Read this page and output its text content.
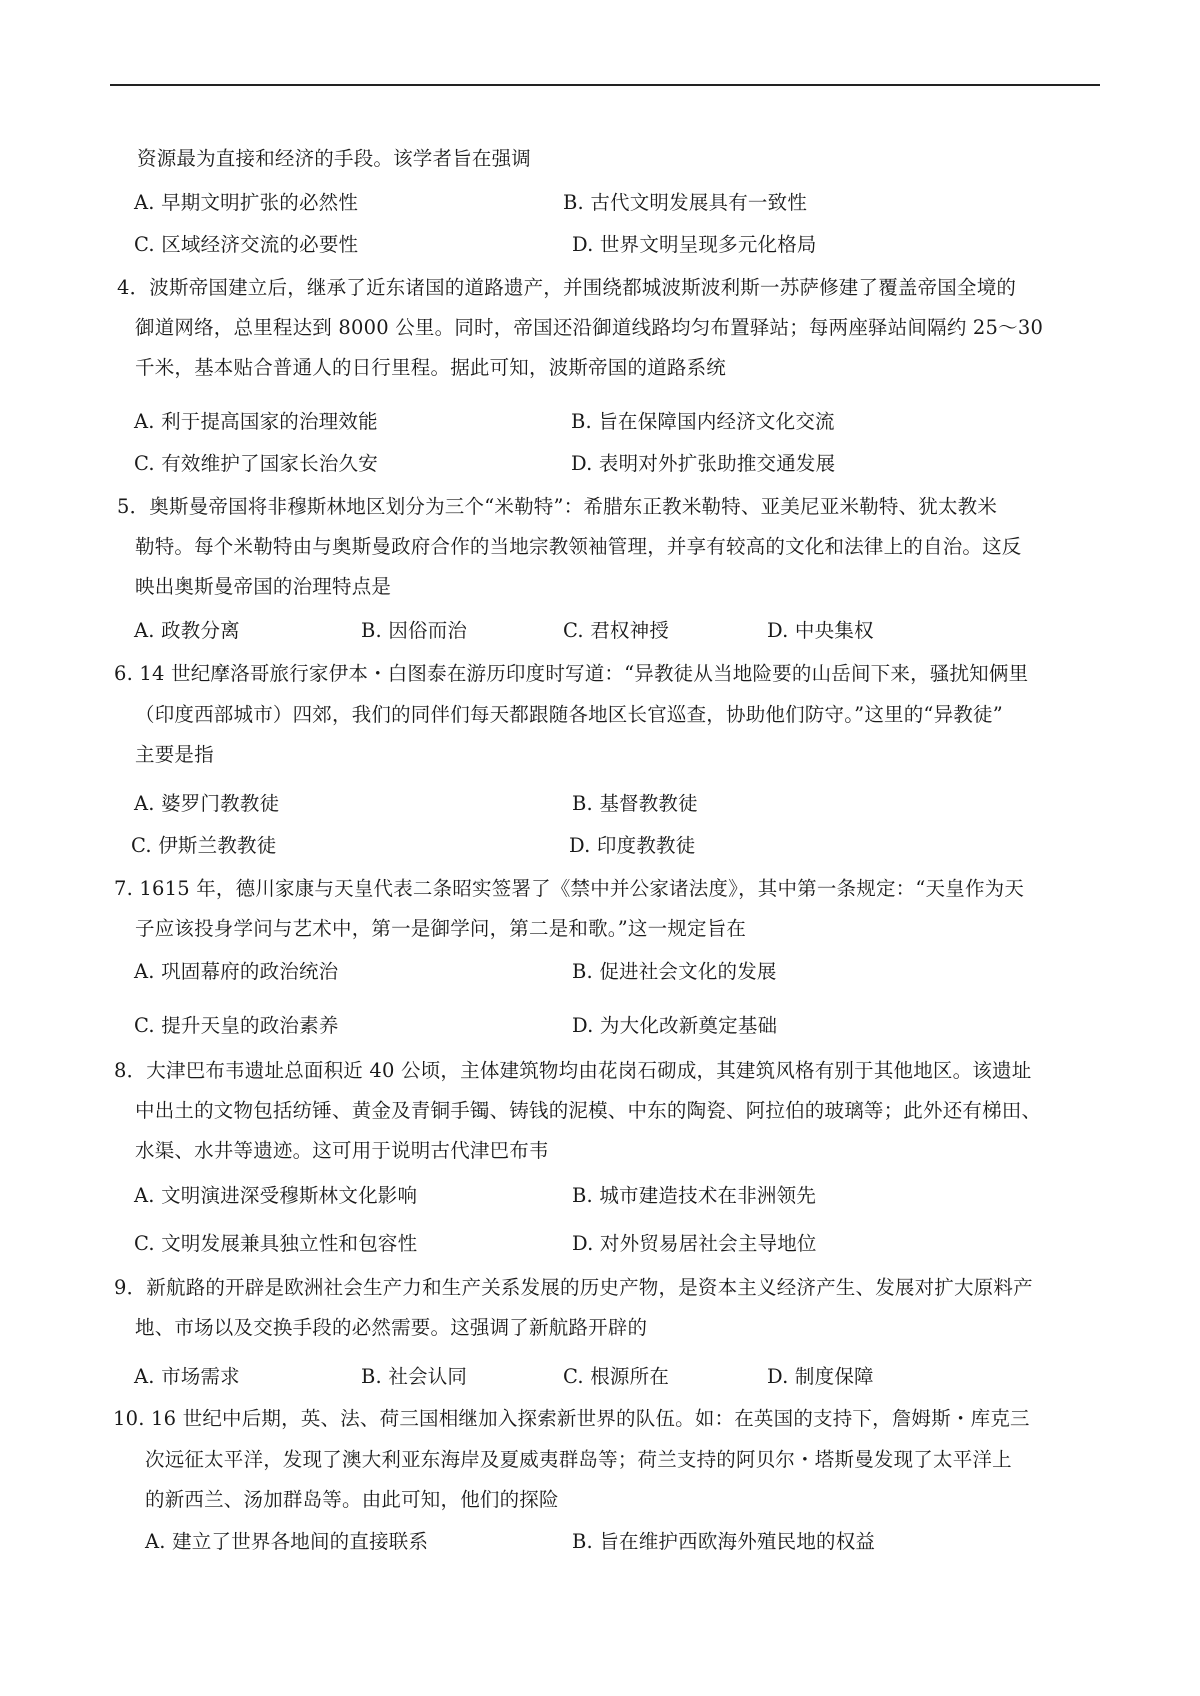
资源最为直接和经济的手段。该学者旨在强调
A. 早期文明扩张的必然性	B. 古代文明发展具有一致性
C. 区域经济交流的必要性	D. 世界文明呈现多元化格局
4．波斯帝国建立后，继承了近东诸国的道路遗产，并围绕都城波斯波利斯一苏萨修建了覆盖帝国全境的
御道网络，总里程达到 8000 公里。同时，帝国还沿御道线路均匀布置驿站；每两座驿站间隔约 25～30
千米，基本贴合普通人的日行里程。据此可知，波斯帝国的道路系统
A. 利于提高国家的治理效能	B. 旨在保障国内经济文化交流
C. 有效维护了国家长治久安	D. 表明对外扩张助推交通发展
5．奥斯曼帝国将非穆斯林地区划分为三个“米勒特”：希腊东正教米勒特、亚美尼亚米勒特、犹太教米
勒特。每个米勒特由与奥斯曼政府合作的当地宗教领袖管理，并享有较高的文化和法律上的自治。这反
映出奥斯曼帝国的治理特点是
A. 政教分离	B. 因俗而治	C. 君权神授	D. 中央集权
6. 14 世纪摩洛哥旅行家伊本・白图泰在游历印度时写道：“异教徒从当地险要的山岳间下来，骚扰知俩里
（印度西部城市）四郊，我们的同伴们每天都跟随各地区长官巡查，协助他们防守。”这里的“异教徒”
主要是指
A. 婆罗门教教徒	B. 基督教教徒
C. 伊斯兰教教徒	D. 印度教教徒
7. 1615 年，德川家康与天皇代表二条昭实签署了《禁中并公家诸法度》，其中第一条规定：“天皇作为天
子应该投身学问与艺术中，第一是御学问，第二是和歌。”这一规定旨在
A. 巩固幕府的政治统治	B. 促进社会文化的发展
C. 提升天皇的政治素养	D. 为大化改新奠定基础
8．大津巴布韦遗址总面积近 40 公顷，主体建筑物均由花岗石砌成，其建筑风格有别于其他地区。该遗址
中出土的文物包括纺锤、黄金及青铜手镯、铸钱的泥模、中东的陶瓷、阿拉伯的玻璃等；此外还有梯田、
水渠、水井等遗迹。这可用于说明古代津巴布韦
A. 文明演进深受穆斯林文化影响	B. 城市建造技术在非洲领先
C. 文明发展兼具独立性和包容性	D. 对外贸易居社会主导地位
9．新航路的开辟是欧洲社会生产力和生产关系发展的历史产物，是资本主义经济产生、发展对扩大原料产
地、市场以及交换手段的必然需要。这强调了新航路开辟的
A. 市场需求	B. 社会认同	C. 根源所在	D. 制度保障
10. 16 世纪中后期，英、法、荷三国相继加入探索新世界的队伍。如：在英国的支持下，詹姆斯・库克三
次远征太平洋，发现了澳大利亚东海岸及夏威夷群岛等；荷兰支持的阿贝尔・塔斯曼发现了太平洋上
的新西兰、汤加群岛等。由此可知，他们的探险
A. 建立了世界各地间的直接联系	B. 旨在维护西欧海外殖民地的权益
